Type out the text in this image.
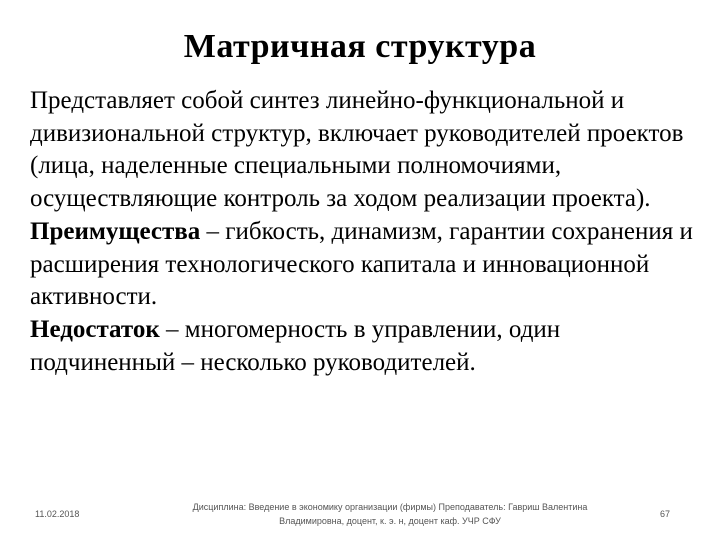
Матричная структура

Представляет собой синтез линейно-функциональной и дивизиональной структур, включает руководителей проектов (лица, наделенные специальными полномочиями, осуществляющие контроль за ходом реализации проекта).

Преимущества – гибкость, динамизм, гарантии сохранения и расширения технологического капитала и инновационной активности.

Недостаток – многомерность в управлении, один подчиненный – несколько руководителей.

11.02.2018
Дисциплина: Введение в экономику организации (фирмы) Преподаватель: Гавриш Валентина
Владимировна, доцент, к. э. н, доцент каф. УЧР СФУ
67
